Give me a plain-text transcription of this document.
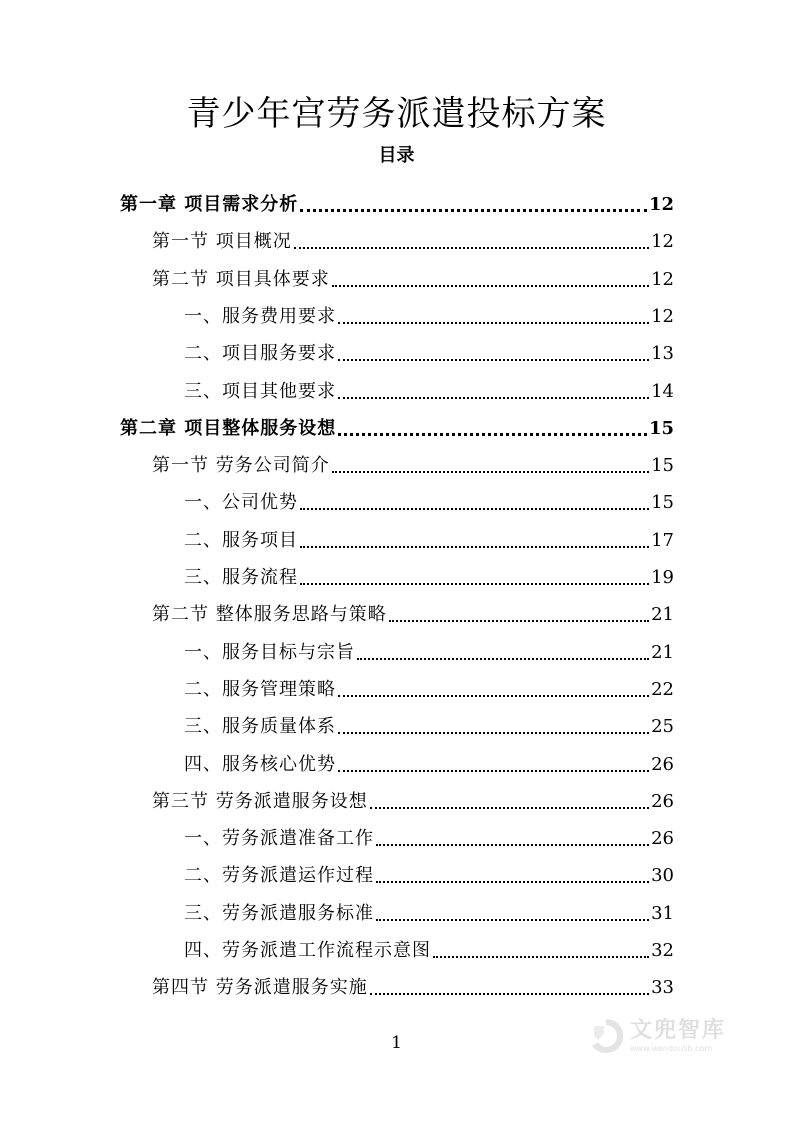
青少年宫劳务派遣投标方案
目录
第一章 项目需求分析	12
第一节 项目概况	12
第二节 项目具体要求	12
一、服务费用要求	12
二、项目服务要求	13
三、项目其他要求	14
第二章 项目整体服务设想	15
第一节 劳务公司简介	15
一、公司优势	15
二、服务项目	17
三、服务流程	19
第二节 整体服务思路与策略	21
一、服务目标与宗旨	21
二、服务管理策略	22
三、服务质量体系	25
四、服务核心优势	26
第三节 劳务派遣服务设想	26
一、劳务派遣准备工作	26
二、劳务派遣运作过程	30
三、劳务派遣服务标准	31
四、劳务派遣工作流程示意图	32
第四节 劳务派遣服务实施	33
1	文兜智库
www.wendoulib.com
